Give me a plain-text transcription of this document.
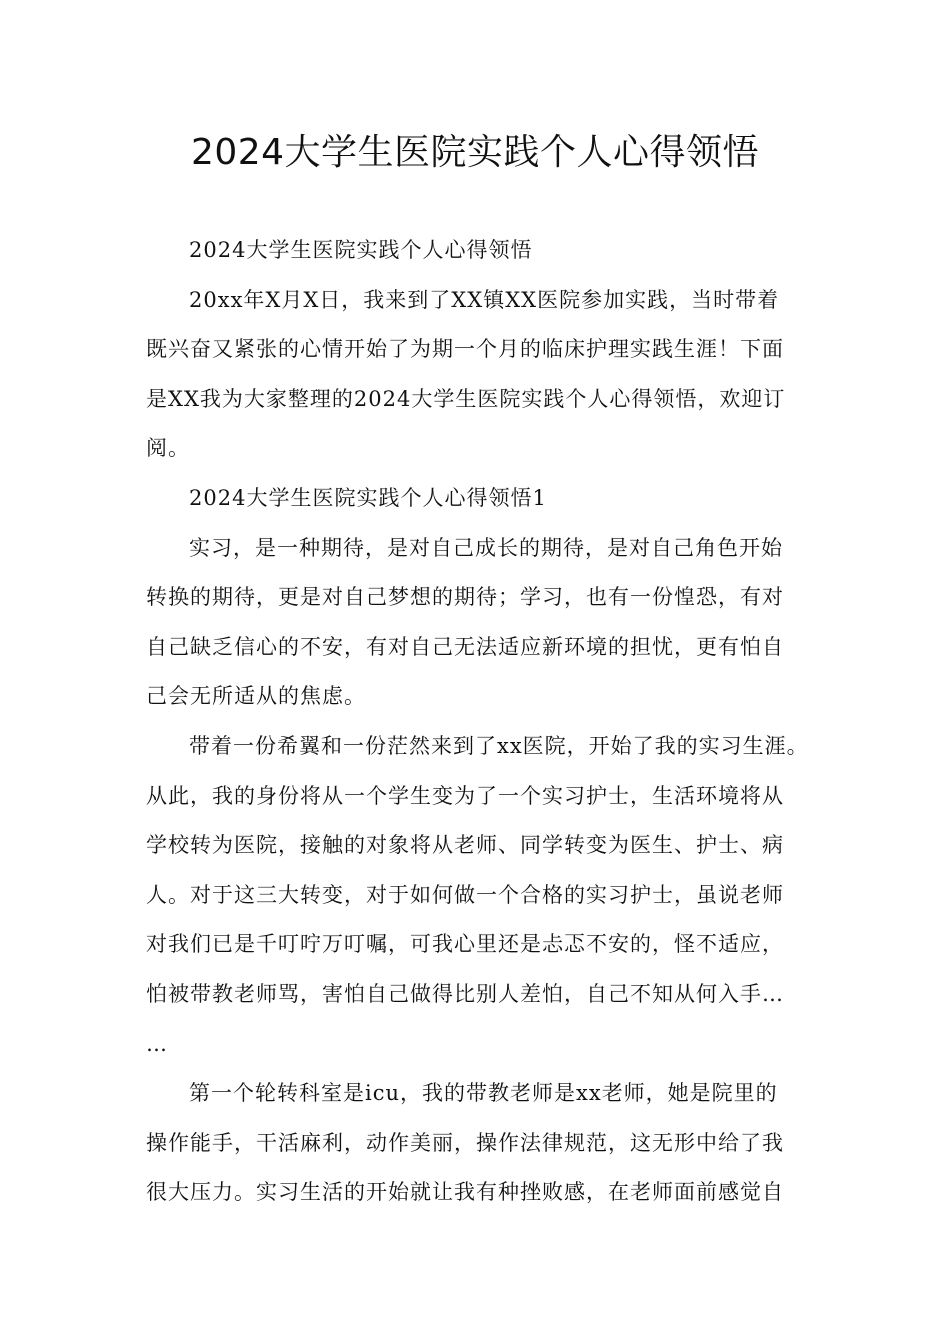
2024大学生医院实践个人心得领悟

2024大学生医院实践个人心得领悟

20xx年X月X日，我来到了XX镇XX医院参加实践，当时带着
既兴奋又紧张的心情开始了为期一个月的临床护理实践生涯！下面
是XX我为大家整理的2024大学生医院实践个人心得领悟，欢迎订
阅。

2024大学生医院实践个人心得领悟1

实习，是一种期待，是对自己成长的期待，是对自己角色开始
转换的期待，更是对自己梦想的期待；学习，也有一份惶恐，有对
自己缺乏信心的不安，有对自己无法适应新环境的担忧，更有怕自
己会无所适从的焦虑。

带着一份希翼和一份茫然来到了xx医院，开始了我的实习生涯。
从此，我的身份将从一个学生变为了一个实习护士，生活环境将从
学校转为医院，接触的对象将从老师、同学转变为医生、护士、病
人。对于这三大转变，对于如何做一个合格的实习护士，虽说老师
对我们已是千叮咛万叮嘱，可我心里还是忐忑不安的，怪不适应，
怕被带教老师骂，害怕自己做得比别人差怕，自己不知从何入手…
…

第一个轮转科室是icu，我的带教老师是xx老师，她是院里的
操作能手，干活麻利，动作美丽，操作法律规范，这无形中给了我
很大压力。实习生活的开始就让我有种挫败感，在老师面前感觉自
